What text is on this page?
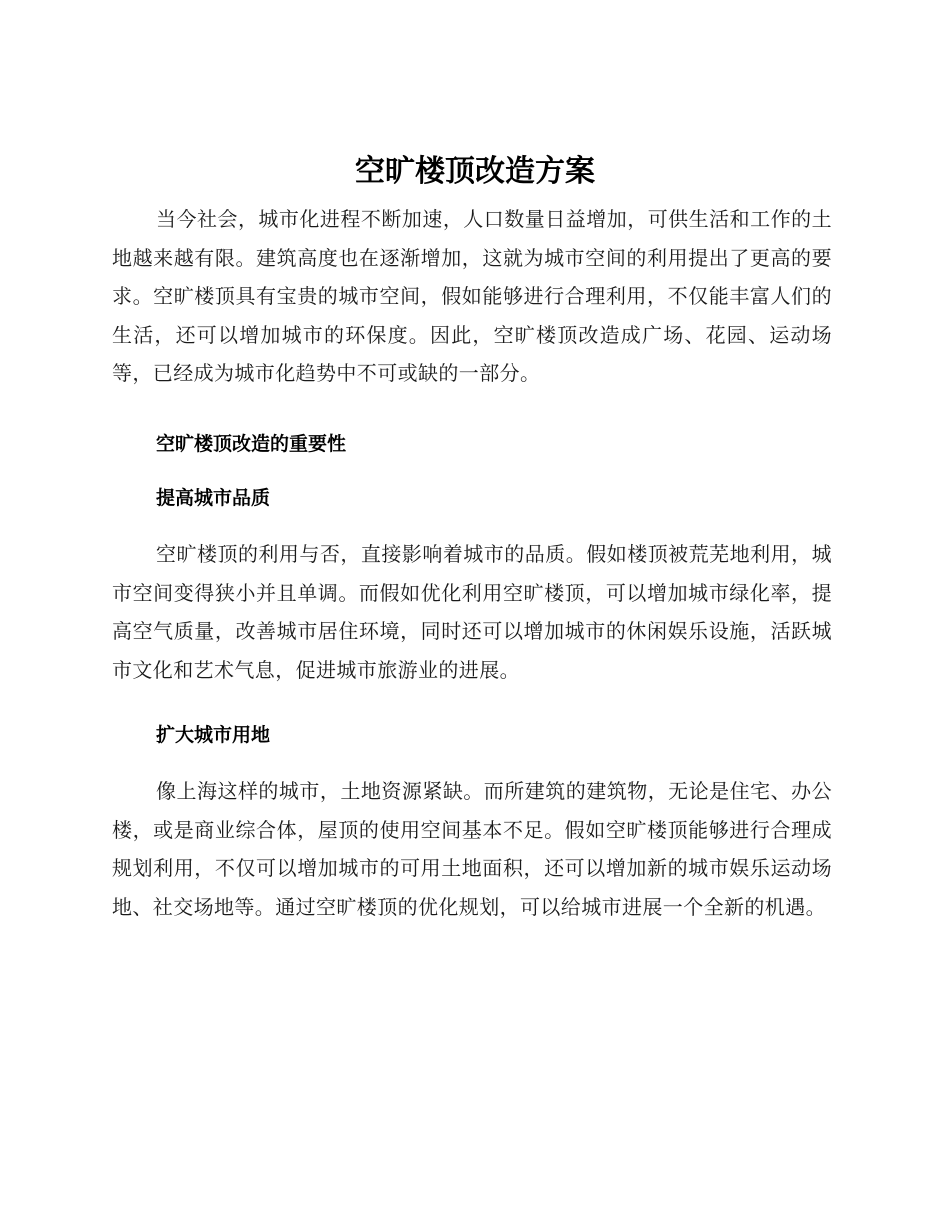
空旷楼顶改造方案

当今社会，城市化进程不断加速，人口数量日益增加，可供生活和工作的土地越来越有限。建筑高度也在逐渐增加，这就为城市空间的利用提出了更高的要求。空旷楼顶具有宝贵的城市空间，假如能够进行合理利用，不仅能丰富人们的生活，还可以增加城市的环保度。因此，空旷楼顶改造成广场、花园、运动场等，已经成为城市化趋势中不可或缺的一部分。

空旷楼顶改造的重要性
提高城市品质

空旷楼顶的利用与否，直接影响着城市的品质。假如楼顶被荒芜地利用，城市空间变得狭小并且单调。而假如优化利用空旷楼顶，可以增加城市绿化率，提高空气质量，改善城市居住环境，同时还可以增加城市的休闲娱乐设施，活跃城市文化和艺术气息，促进城市旅游业的进展。

扩大城市用地

像上海这样的城市，土地资源紧缺。而所建筑的建筑物，无论是住宅、办公楼，或是商业综合体，屋顶的使用空间基本不足。假如空旷楼顶能够进行合理成规划利用，不仅可以增加城市的可用土地面积，还可以增加新的城市娱乐运动场地、社交场地等。通过空旷楼顶的优化规划，可以给城市进展一个全新的机遇。
